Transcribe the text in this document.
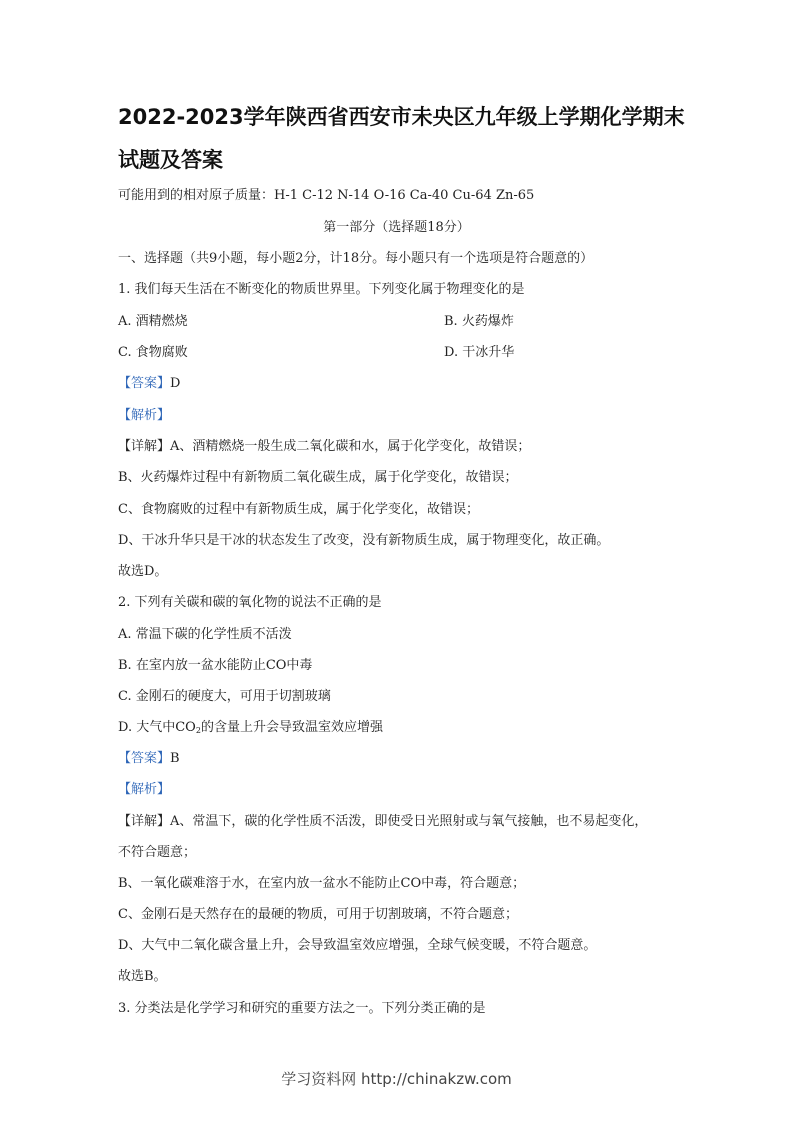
2022-2023学年陕西省西安市未央区九年级上学期化学期末
试题及答案
可能用到的相对原子质量：H-1 C-12 N-14 O-16 Ca-40 Cu-64 Zn-65
第一部分（选择题18分）
一、选择题（共9小题，每小题2分，计18分。每小题只有一个选项是符合题意的）
1. 我们每天生活在不断变化的物质世界里。下列变化属于物理变化的是
A. 酒精燃烧	B. 火药爆炸
C. 食物腐败	D. 干冰升华
【答案】D
【解析】
【详解】A、酒精燃烧一般生成二氧化碳和水，属于化学变化，故错误；
B、火药爆炸过程中有新物质二氧化碳生成，属于化学变化，故错误；
C、食物腐败的过程中有新物质生成，属于化学变化，故错误；
D、干冰升华只是干冰的状态发生了改变，没有新物质生成，属于物理变化，故正确。
故选D。
2. 下列有关碳和碳的氧化物的说法不正确的是
A. 常温下碳的化学性质不活泼
B. 在室内放一盆水能防止CO中毒
C. 金刚石的硬度大，可用于切割玻璃
D. 大气中$CO_2$的含量上升会导致温室效应增强
【答案】B
【解析】
【详解】A、常温下，碳的化学性质不活泼，即使受日光照射或与氧气接触，也不易起变化，
不符合题意；
B、一氧化碳难溶于水，在室内放一盆水不能防止CO中毒，符合题意；
C、金刚石是天然存在的最硬的物质，可用于切割玻璃，不符合题意；
D、大气中二氧化碳含量上升，会导致温室效应增强，全球气候变暖，不符合题意。
故选B。
3. 分类法是化学学习和研究的重要方法之一。下列分类正确的是
学习资料网 http://chinakzw.com
